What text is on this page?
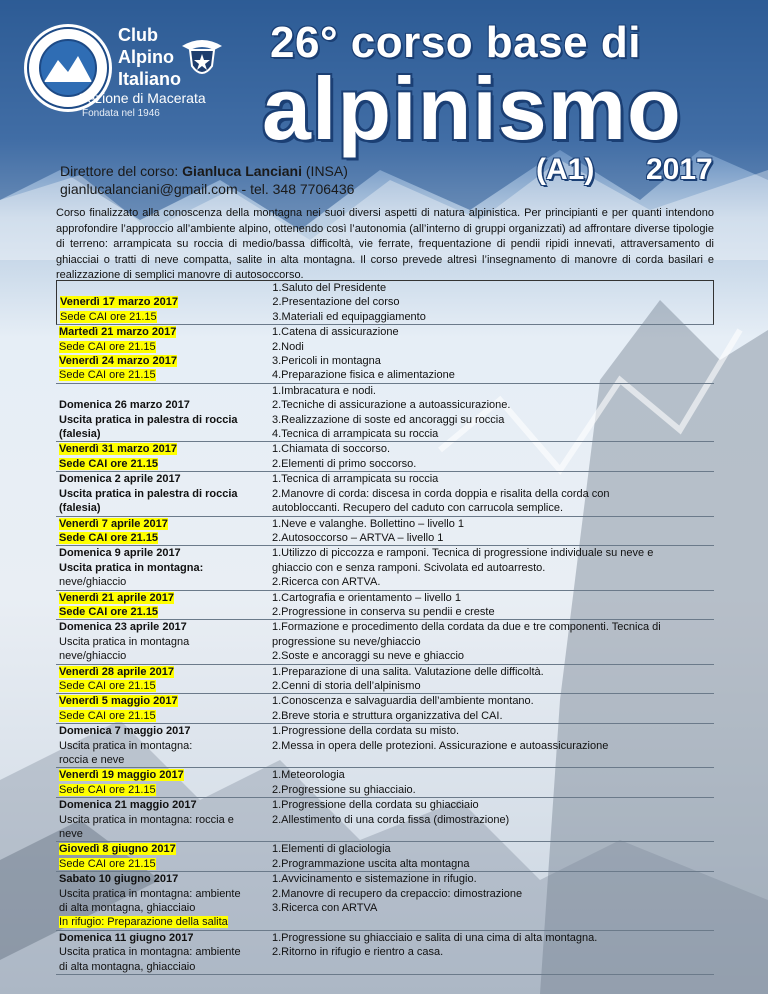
Club
Alpino
Italiano
Sezione di Macerata
Fondata nel 1946
26° corso base di
alpinismo
(A1) 2017
Direttore del corso: Gianluca Lanciani (INSA)
gianlucalanciani@gmail.com - tel. 348 7706436
Corso finalizzato alla conoscenza della montagna nei suoi diversi aspetti di natura alpinistica. Per principianti e per quanti intendono approfondire l’approccio all’ambiente alpino, ottenendo così l’autonomia (all’interno di gruppi organizzati) ad affrontare diverse tipologie di terreno: arrampicata su roccia di medio/bassa difficoltà, vie ferrate, frequentazione di pendii ripidi innevati, attraversamento di ghiacciai o tratti di neve compatta, salite in alta montagna. Il corso prevede altresì l’insegnamento di manovre di corda basilari e realizzazione di semplici manovre di autosoccorso.

Venerdì 17 marzo 2017
Sede CAI ore 21.15
1.Saluto del Presidente
2.Presentazione del corso
3.Materiali ed equipaggiamento
Martedì 21 marzo 2017
Sede CAI ore 21.15
Venerdì 24 marzo 2017
Sede CAI ore 21.15
1.Catena di assicurazione
2.Nodi
3.Pericoli in montagna
4.Preparazione fisica e alimentazione

Domenica 26 marzo 2017
Uscita pratica in palestra di roccia
(falesia)
1.Imbracatura e nodi.
2.Tecniche di assicurazione a autoassicurazione.
3.Realizzazione di soste ed ancoraggi su roccia
4.Tecnica di arrampicata su roccia
Venerdì 31 marzo 2017
Sede CAI ore 21.15
1.Chiamata di soccorso.
2.Elementi di primo soccorso.
Domenica 2 aprile 2017
Uscita pratica in palestra di roccia
(falesia)
1.Tecnica di arrampicata su roccia
2.Manovre di corda: discesa in corda doppia e risalita della corda con
autobloccanti. Recupero del caduto con carrucola semplice.
Venerdì 7 aprile 2017
Sede CAI ore 21.15
1.Neve e valanghe. Bollettino – livello 1
2.Autosoccorso – ARTVA – livello 1
Domenica 9 aprile 2017
Uscita pratica in montagna:
neve/ghiaccio
1.Utilizzo di piccozza e ramponi. Tecnica di progressione individuale su neve e
ghiaccio con e senza ramponi. Scivolata ed autoarresto.
2.Ricerca con ARTVA.
Venerdì 21 aprile 2017
Sede CAI ore 21.15
1.Cartografia e orientamento – livello 1
2.Progressione in conserva su pendii e creste
Domenica 23 aprile 2017
Uscita pratica in montagna
neve/ghiaccio
1.Formazione e procedimento della cordata da due e tre componenti. Tecnica di
progressione su neve/ghiaccio
2.Soste e ancoraggi su neve e ghiaccio
Venerdì 28 aprile 2017
Sede CAI ore 21.15
1.Preparazione di una salita. Valutazione delle difficoltà.
2.Cenni di storia dell’alpinismo
Venerdì 5 maggio 2017
Sede CAI ore 21.15
1.Conoscenza e salvaguardia dell’ambiente montano.
2.Breve storia e struttura organizzativa del CAI.
Domenica 7 maggio 2017
Uscita pratica in montagna:
roccia e neve
1.Progressione della cordata su misto.
2.Messa in opera delle protezioni. Assicurazione e autoassicurazione

Venerdì 19 maggio 2017
Sede CAI ore 21.15
1.Meteorologia
2.Progressione su ghiacciaio.
Domenica 21 maggio 2017
Uscita pratica in montagna: roccia e
neve
1.Progressione della cordata su ghiacciaio
2.Allestimento di una corda fissa (dimostrazione)

Giovedì 8 giugno 2017
Sede CAI ore 21.15
1.Elementi di glaciologia
2.Programmazione uscita alta montagna
Sabato 10 giugno 2017
Uscita pratica in montagna: ambiente
di alta montagna, ghiacciaio
In rifugio: Preparazione della salita
1.Avvicinamento e sistemazione in rifugio.
2.Manovre di recupero da crepaccio: dimostrazione
3.Ricerca con ARTVA

Domenica 11 giugno 2017
Uscita pratica in montagna: ambiente
di alta montagna, ghiacciaio
1.Progressione su ghiacciaio e salita di una cima di alta montagna.
2.Ritorno in rifugio e rientro a casa.
